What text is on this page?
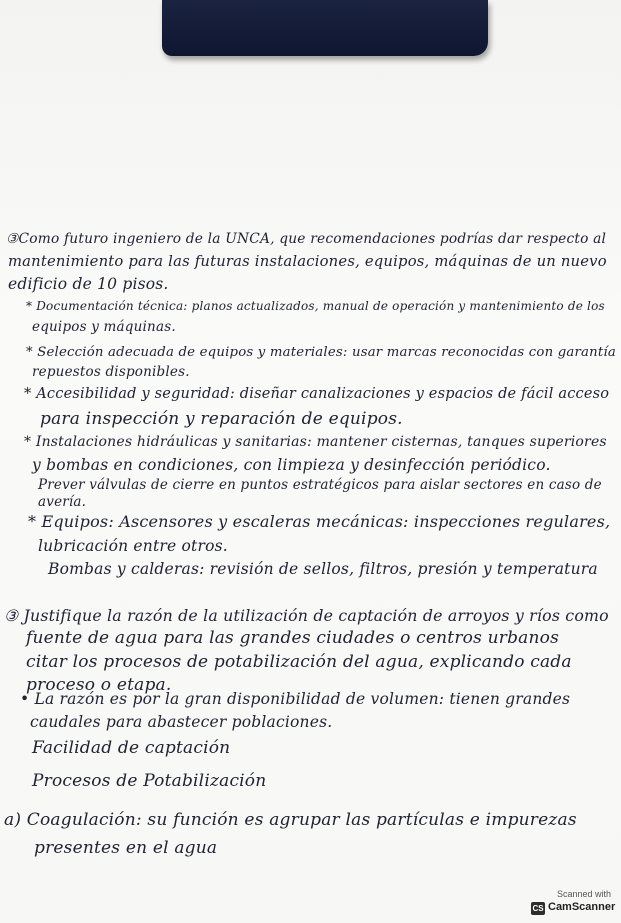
③Como futuro ingeniero de la UNCA, que recomendaciones podrías dar respecto al
mantenimiento para las futuras instalaciones, equipos, máquinas de un nuevo
edificio de 10 pisos.
* Documentación técnica: planos actualizados, manual de operación y mantenimiento de los
equipos y máquinas.
* Selección adecuada de equipos y materiales: usar marcas reconocidas con garantía
repuestos disponibles.
* Accesibilidad y seguridad: diseñar canalizaciones y espacios de fácil acceso
para inspección y reparación de equipos.
* Instalaciones hidráulicas y sanitarias: mantener cisternas, tanques superiores
y bombas en condiciones, con limpieza y desinfección periódico.
Prever válvulas de cierre en puntos estratégicos para aislar sectores en caso de
avería.
* Equipos: Ascensores y escaleras mecánicas: inspecciones regulares,
lubricación entre otros.
Bombas y calderas: revisión de sellos, filtros, presión y temperatura
③ Justifique la razón de la utilización de captación de arroyos y ríos como
fuente de agua para las grandes ciudades o centros urbanos
citar los procesos de potabilización del agua, explicando cada
proceso o etapa.
• La razón es por la gran disponibilidad de volumen: tienen grandes
caudales para abastecer poblaciones.
Facilidad de captación
Procesos de Potabilización
a) Coagulación: su función es agrupar las partículas e impurezas
presentes en el agua
Scanned with
CS CamScanner
